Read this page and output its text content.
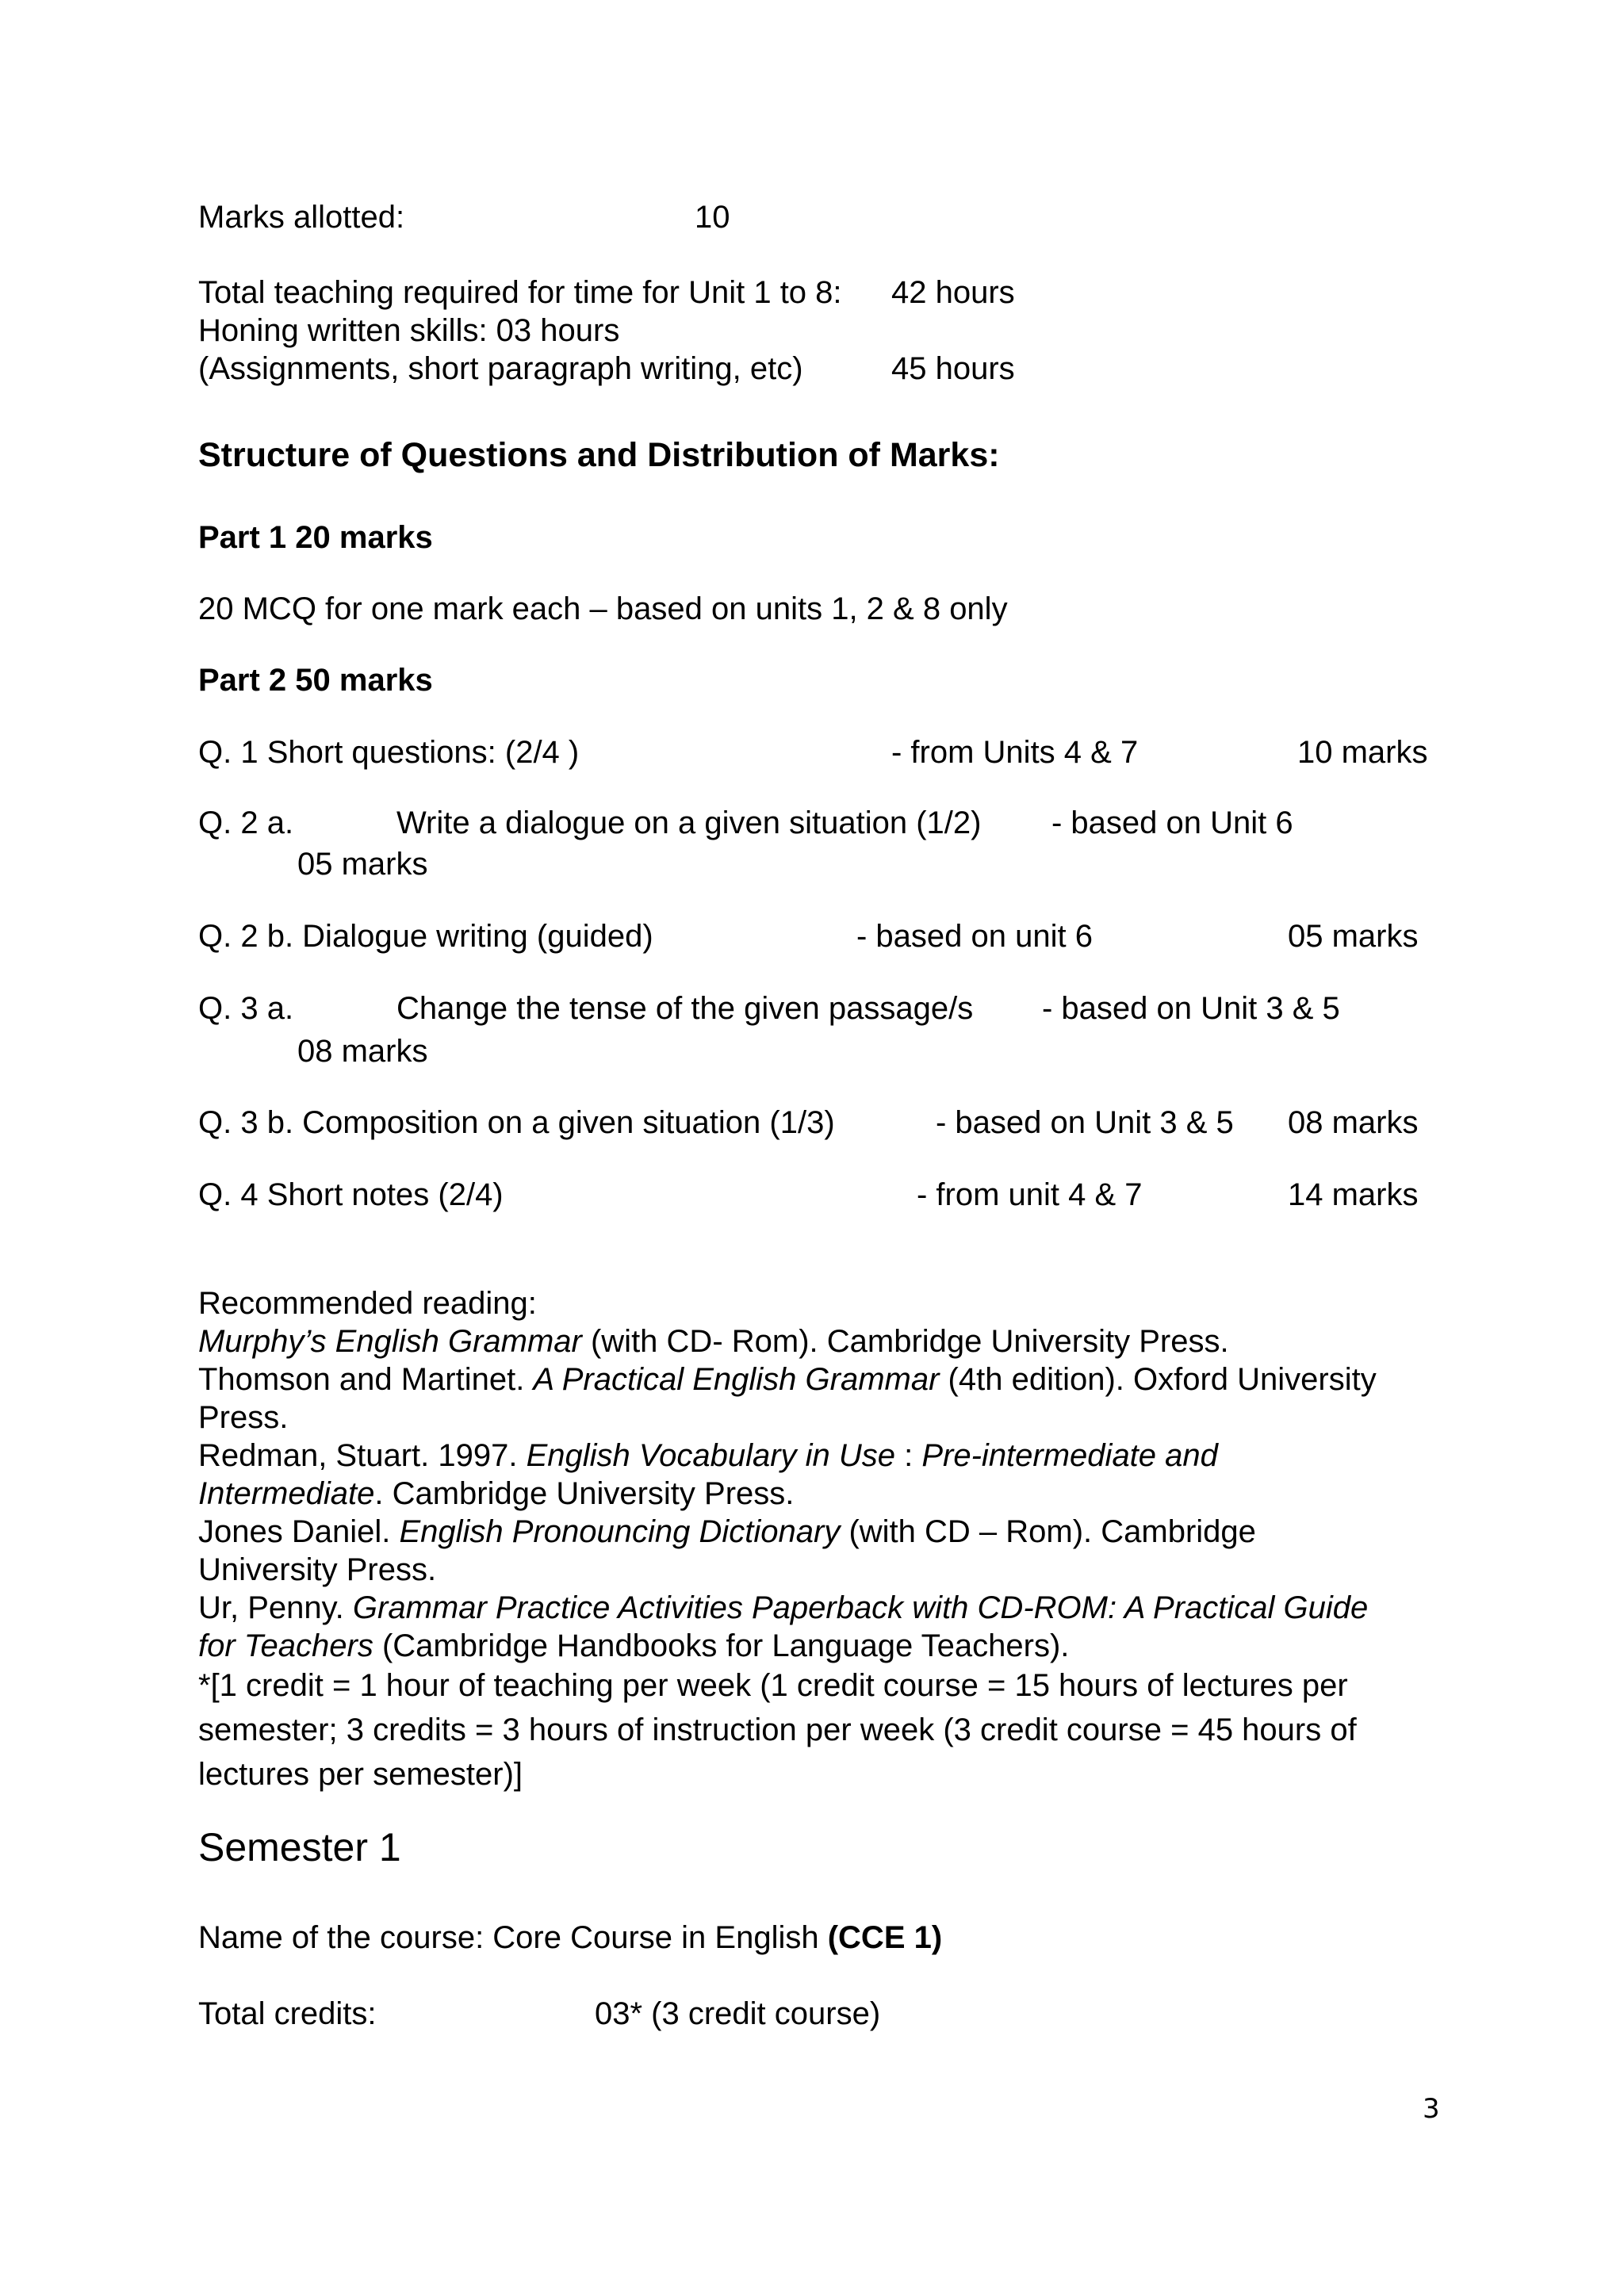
Marks allotted:	10
Total teaching required for time for Unit 1 to 8: 42 hours
Honing written skills: 03 hours
(Assignments, short paragraph writing, etc)	45 hours
Structure of Questions and Distribution of Marks:
Part 1 20 marks
20 MCQ for one mark each – based on units 1, 2 & 8 only
Part 2 50 marks
Q. 1 Short questions: (2/4 )	- from Units 4 & 7	10 marks
Q. 2 a.	Write a dialogue on a given situation (1/2) - based on Unit 6
05 marks
Q. 2 b. Dialogue writing (guided)	- based on unit 6	05 marks
Q. 3 a.	Change the tense of the given passage/s - based on Unit 3 & 5
08 marks
Q. 3 b. Composition on a given situation (1/3)	- based on Unit 3 & 5 08 marks
Q. 4 Short notes (2/4)	- from unit 4 & 7	14 marks
Recommended reading:
Murphy’s English Grammar (with CD- Rom). Cambridge University Press.
Thomson and Martinet. A Practical English Grammar (4th edition). Oxford University
Press.
Redman, Stuart. 1997. English Vocabulary in Use : Pre-intermediate and
Intermediate. Cambridge University Press.
Jones Daniel. English Pronouncing Dictionary (with CD – Rom). Cambridge
University Press.
Ur, Penny. Grammar Practice Activities Paperback with CD-ROM: A Practical Guide
for Teachers (Cambridge Handbooks for Language Teachers).
*[1 credit = 1 hour of teaching per week (1 credit course = 15 hours of lectures per
semester; 3 credits = 3 hours of instruction per week (3 credit course = 45 hours of
lectures per semester)]
Semester 1
Name of the course: Core Course in English (CCE 1)
Total credits:	03* (3 credit course)
3
